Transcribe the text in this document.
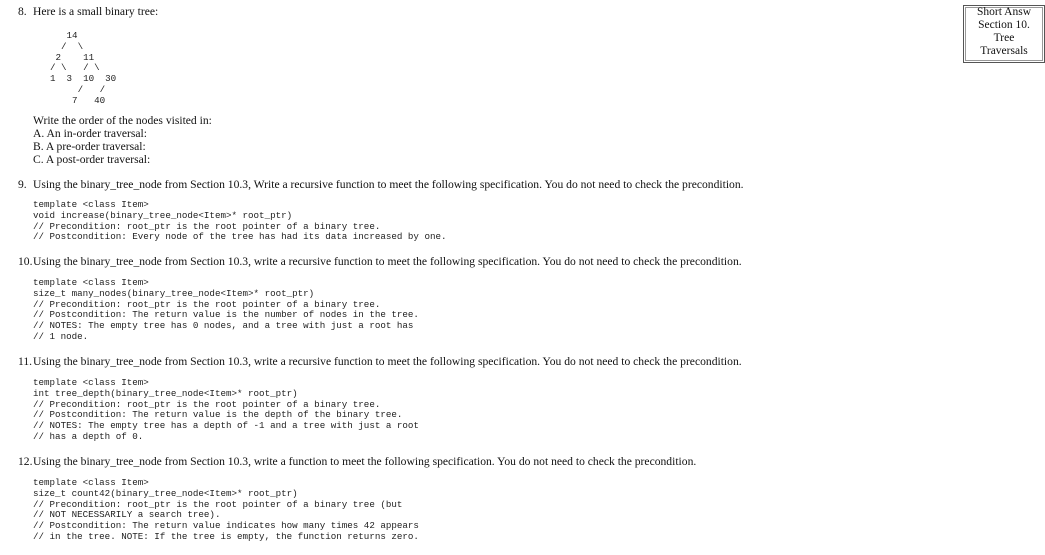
Short Answ
Section 10.
Tree
Traversals
8. Here is a small binary tree:
14
/  \
2    11
/ \   / \
1  3  10  30
/   /
7   40
Write the order of the nodes visited in:
A. An in-order traversal:
B. A pre-order traversal:
C. A post-order traversal:
9. Using the binary_tree_node from Section 10.3, Write a recursive function to meet the following specification. You do not need to check the precondition.
template <class Item>
void increase(binary_tree_node<Item>* root_ptr)
// Precondition: root_ptr is the root pointer of a binary tree.
// Postcondition: Every node of the tree has had its data increased by one.
10.Using the binary_tree_node from Section 10.3, write a recursive function to meet the following specification. You do not need to check the precondition.
template <class Item>
size_t many_nodes(binary_tree_node<Item>* root_ptr)
// Precondition: root_ptr is the root pointer of a binary tree.
// Postcondition: The return value is the number of nodes in the tree.
// NOTES: The empty tree has 0 nodes, and a tree with just a root has
// 1 node.
11.Using the binary_tree_node from Section 10.3, write a recursive function to meet the following specification. You do not need to check the precondition.
template <class Item>
int tree_depth(binary_tree_node<Item>* root_ptr)
// Precondition: root_ptr is the root pointer of a binary tree.
// Postcondition: The return value is the depth of the binary tree.
// NOTES: The empty tree has a depth of -1 and a tree with just a root
// has a depth of 0.
12.Using the binary_tree_node from Section 10.3, write a function to meet the following specification. You do not need to check the precondition.
template <class Item>
size_t count42(binary_tree_node<Item>* root_ptr)
// Precondition: root_ptr is the root pointer of a binary tree (but
// NOT NECESSARILY a search tree).
// Postcondition: The return value indicates how many times 42 appears
// in the tree. NOTE: If the tree is empty, the function returns zero.
